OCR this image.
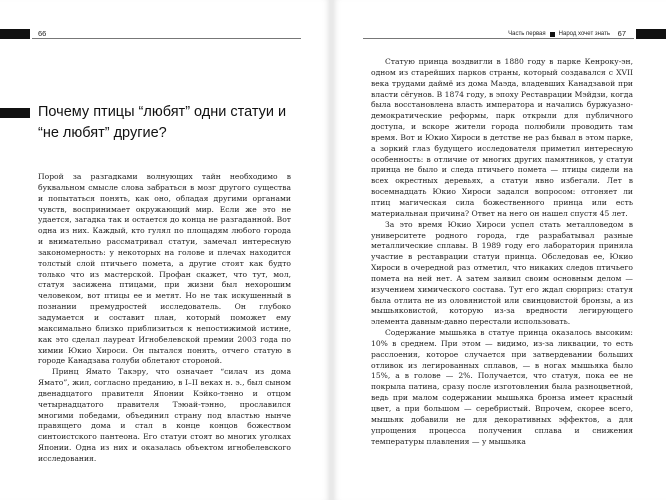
66
Почему птицы “любят” одни статуи и “не любят” другие?

Порой за разгадками волнующих тайн необходимо в буквальном смысле слова забраться в мозг другого существа и попытаться понять, как оно, обладая другими органами чувств, воспринимает окружающий мир. Если же это не удается, загадка так и остается до конца не разгаданной. Вот одна из них. Каждый, кто гулял по площадям любого города и внимательно рассматривал статуи, замечал интересную закономерность: у некоторых на голове и плечах находится толстый слой птичьего помета, а другие стоят как будто только что из мастерской. Профан скажет, что тут, мол, статуя засижена птицами, при жизни был нехорошим человеком, вот птицы ее и метят. Но не так искушенный в познании премудростей исследователь. Он глубоко задумается и составит план, который поможет ему максимально близко приблизиться к непостижимой истине, как это сделал лауреат Игнобелевской премии 2003 года по химии Юкио Хироси. Он пытался понять, отчего статую в городе Канадзава голуби облетают стороной.

Принц Ямато Такэру, что означает “силач из дома Ямато”, жил, согласно преданию, в I–II веках н. э., был сыном двенадцатого правителя Японии Кэйко-тэнно и отцом четырнадцатого правителя Тэюай-тэнно, прославился многими победами, объединил страну под властью нынче правящего дома и стал в конце концов божеством синтоистского пантеона. Его статуи стоят во многих уголках Японии. Одна из них и оказалась объектом игнобелевского исследования.

Часть первая Народ хочет знать 67

Статую принца воздвигли в 1880 году в парке Кенроку-эн, одном из старейших парков страны, который создавался с XVII века трудами даймё из дома Маэда, владевших Канадзавой при власти сёгунов. В 1874 году, в эпоху Реставрации Мэйдзи, когда была восстановлена власть императора и начались буржуазно-демократические реформы, парк открыли для публичного доступа, и вскоре жители города полюбили проводить там время. Вот и Юкио Хироси в детстве не раз бывал в этом парке, а зоркий глаз будущего исследователя приметил интересную особенность: в отличие от многих других памятников, у статуи принца не было и следа птичьего помета — птицы сидели на всех окрестных деревьях, а статуи явно избегали. Лет в восемнадцать Юкио Хироси задался вопросом: отгоняет ли птиц магическая сила божественного принца или есть материальная причина? Ответ на него он нашел спустя 45 лет.

За это время Юкио Хироси успел стать металловедом в университете родного города, где разрабатывал разные металлические сплавы. В 1989 году его лаборатория приняла участие в реставрации статуи принца. Обследовав ее, Юкио Хироси в очередной раз отметил, что никаких следов птичьего помета на ней нет. А затем заявил своим основным делом — изучением химического состава. Тут его ждал сюрприз: статуя была отлита не из оловянистой или свинцовистой бронзы, а из мышьяковистой, которую из-за вредности легирующего элемента давным-давно перестали использовать.

Содержание мышьяка в статуе принца оказалось высоким: 10% в среднем. При этом — видимо, из-за ликвации, то есть расслоения, которое случается при затвердевании больших отливок из легированных сплавов, — в ногах мышьяка было 15%, а в голове — 2%. Получается, что статуя, пока ее не покрыла патина, сразу после изготовления была разноцветной, ведь при малом содержании мышьяка бронза имеет красный цвет, а при большом — серебристый. Впрочем, скорее всего, мышьяк добавили не для декоративных эффектов, а для упрощения процесса получения сплава и снижения температуры плавления — у мышьяка
